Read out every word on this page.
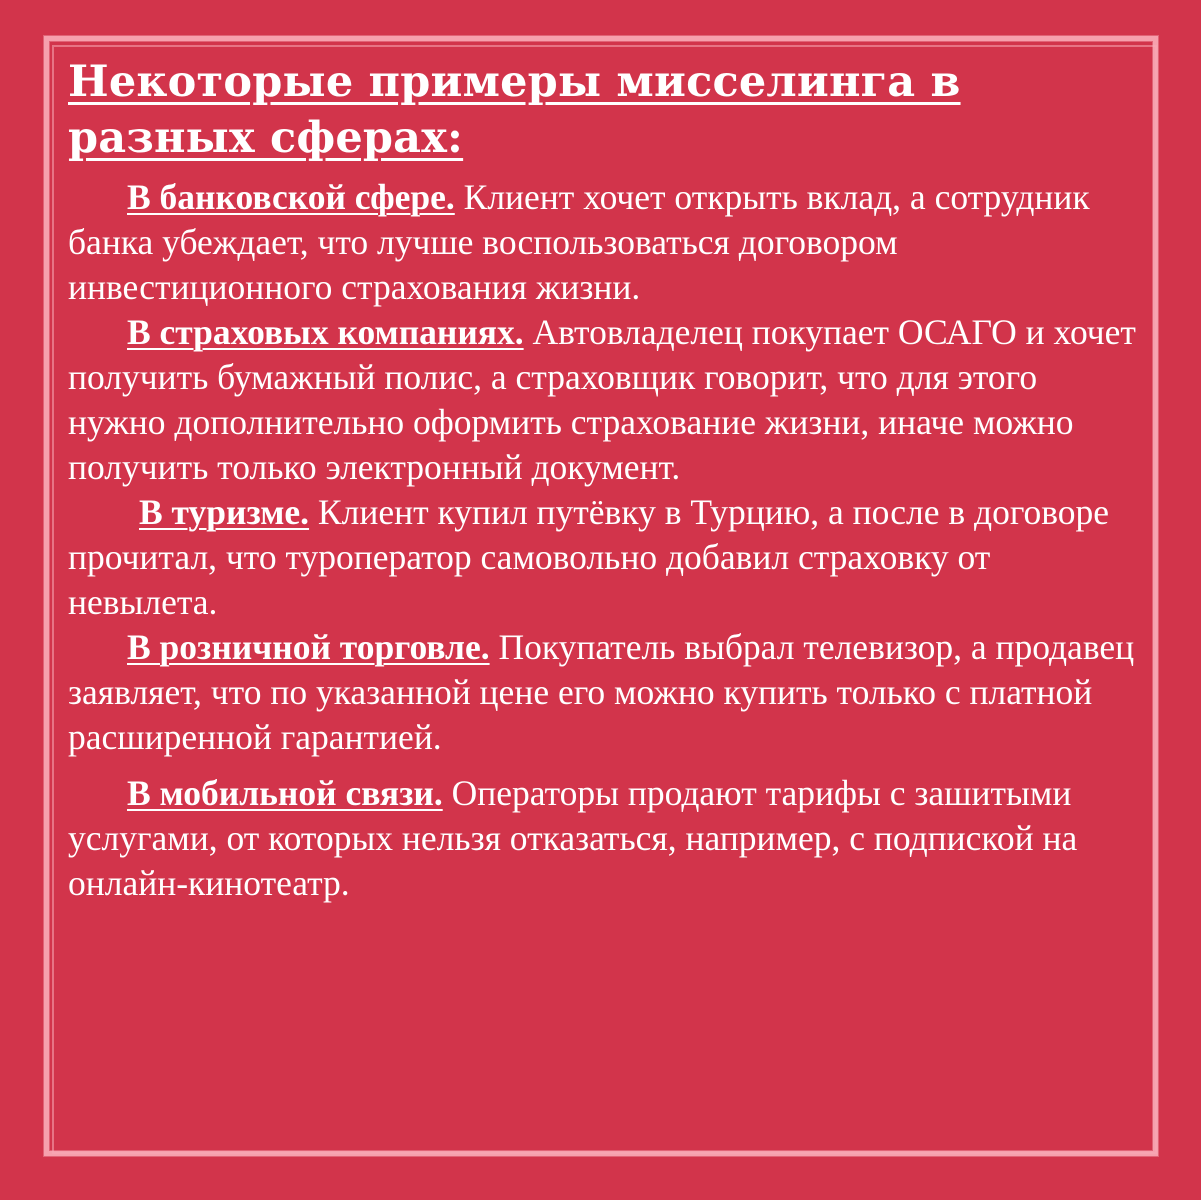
Некоторые примеры мисселинга в разных сферах:

В банковской сфере. Клиент хочет открыть вклад, а сотрудник банка убеждает, что лучше воспользоваться договором инвестиционного страхования жизни.

В страховых компаниях. Автовладелец покупает ОСАГО и хочет получить бумажный полис, а страховщик говорит, что для этого нужно дополнительно оформить страхование жизни, иначе можно получить только электронный документ.

В туризме. Клиент купил путёвку в Турцию, а после в договоре прочитал, что туроператор самовольно добавил страховку от невылета.

В розничной торговле. Покупатель выбрал телевизор, а продавец заявляет, что по указанной цене его можно купить только с платной расширенной гарантией.

В мобильной связи. Операторы продают тарифы с зашитыми услугами, от которых нельзя отказаться, например, с подпиской на онлайн-кинотеатр.
